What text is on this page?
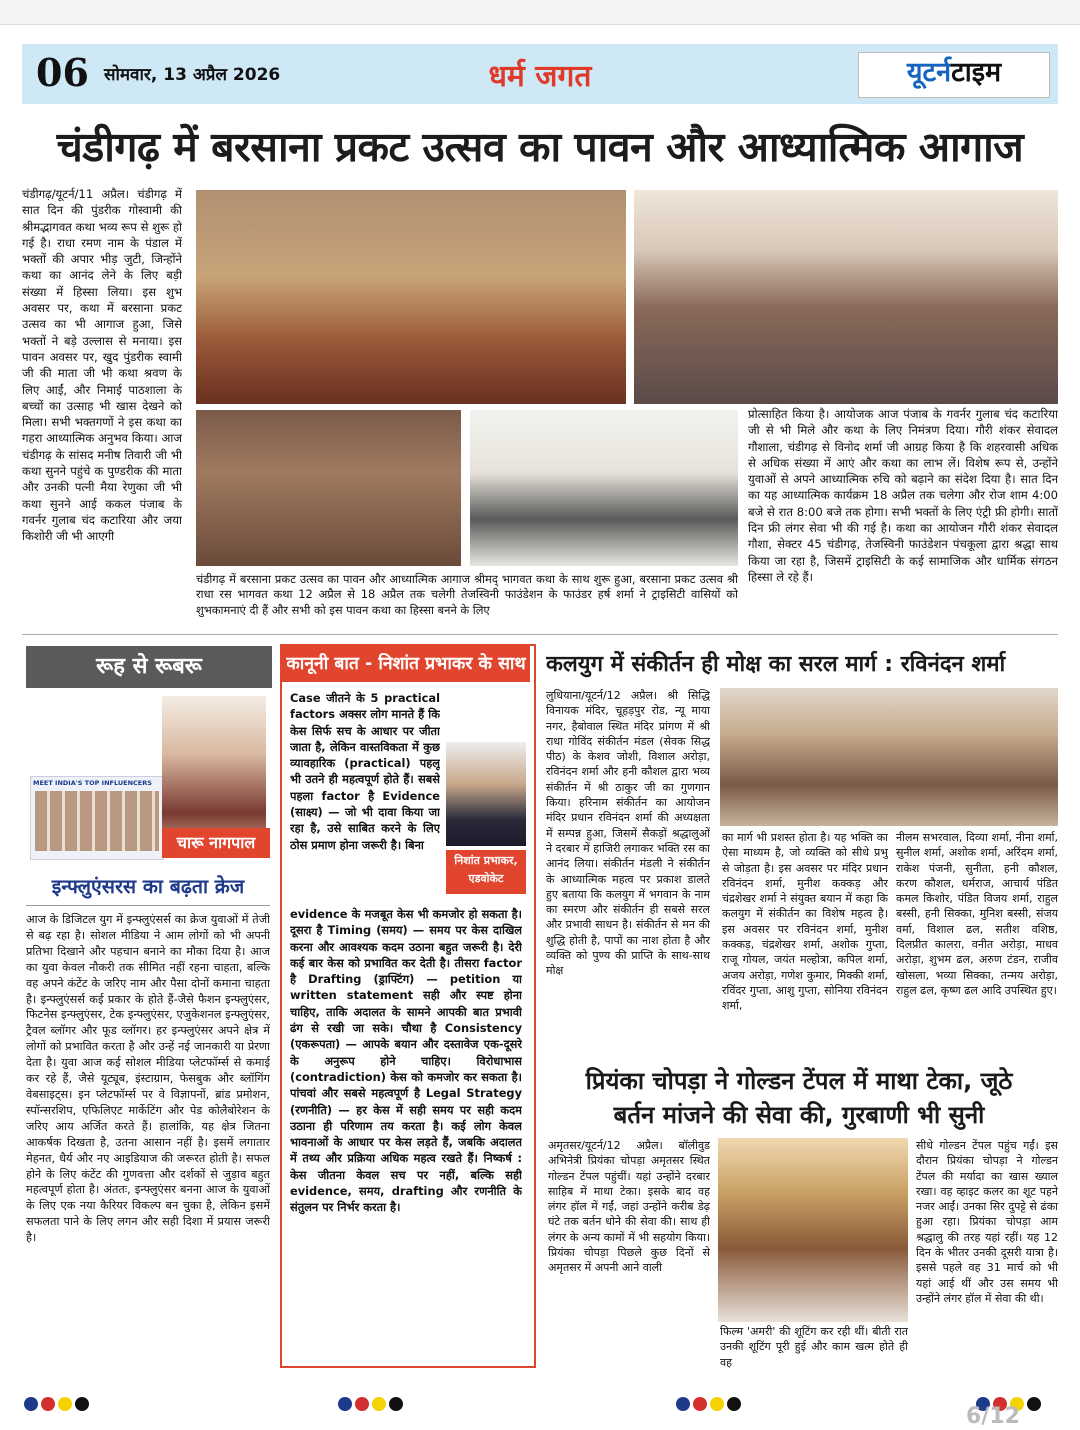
06 सोमवार, 13 अप्रैल 2026	धर्म जगत	यूटर्नटाइम
चंडीगढ़ में बरसाना प्रकट उत्सव का पावन और आध्यात्मिक आगाज
चंडीगढ़/यूटर्न/11 अप्रैल। चंडीगढ़ में सात दिन की पुंडरीक गोस्वामी की श्रीमद्भागवत कथा भव्य रूप से शुरू हो गई है। राधा रमण नाम के पंडाल में भक्तों की अपार भीड़ जुटी, जिन्होंने कथा का आनंद लेने के लिए बड़ी संख्या में हिस्सा लिया। इस शुभ अवसर पर, कथा में बरसाना प्रकट उत्सव का भी आगाज हुआ, जिसे भक्तों ने बड़े उल्लास से मनाया। इस पावन अवसर पर, खुद पुंडरीक स्वामी जी की माता जी भी कथा श्रवण के लिए आईं, और निमाई पाठशाला के बच्चों का उत्साह भी खास देखने को मिला। सभी भक्तगणों ने इस कथा का गहरा आध्यात्मिक अनुभव किया। आज चंडीगढ़ के सांसद मनीष तिवारी जी भी कथा सुनने पहुंचे क पुण्डरीक की माता और उनकी पत्नी मैया रेणुका जी भी कथा सुनने आई ककल पंजाब के गवर्नर गुलाब चंद कटारिया और जया किशोरी जी भी आएगी
प्रोत्साहित किया है। आयोजक आज पंजाब के गवर्नर गुलाब चंद कटारिया जी से भी मिले और कथा के लिए निमंत्रण दिया। गौरी शंकर सेवादल गौशाला, चंडीगढ़ से विनोद शर्मा जी आग्रह किया है कि शहरवासी अधिक से अधिक संख्या में आएं और कथा का लाभ लें। विशेष रूप से, उन्होंने युवाओं से अपने आध्यात्मिक रुचि को बढ़ाने का संदेश दिया है। सात दिन का यह आध्यात्मिक कार्यक्रम 18 अप्रैल तक चलेगा और रोज शाम 4:00 बजे से रात 8:00 बजे तक होगा। सभी भक्तों के लिए एंट्री फ्री होगी। सातों दिन फ्री लंगर सेवा भी की गई है। कथा का आयोजन गौरी शंकर सेवादल गौशा, सेक्टर 45 चंडीगढ़, तेजस्विनी फाउंडेशन पंचकूला द्वारा श्रद्धा साथ किया जा रहा है, जिसमें ट्राइसिटी के कई सामाजिक और धार्मिक संगठन हिस्सा ले रहे हैं।
चंडीगढ़ में बरसाना प्रकट उत्सव का पावन और आध्यात्मिक आगाज श्रीमद् भागवत कथा के साथ शुरू हुआ, बरसाना प्रकट उत्सव श्री राधा रस भागवत कथा 12 अप्रैल से 18 अप्रैल तक चलेगी तेजस्विनी फाउंडेशन के फाउंडर हर्ष शर्मा ने ट्राइसिटी वासियों को शुभकामनाएं दी हैं और सभी को इस पावन कथा का हिस्सा बनने के लिए
रूह से रूबरू
MEET INDIA'S TOP INFLUENCERS
चारू नागपाल
इन्फ्लुएंसरस का बढ़ता क्रेज
आज के डिजिटल युग में इन्फ्लुएंसर्स का क्रेज युवाओं में तेजी से बढ़ रहा है। सोशल मीडिया ने आम लोगों को भी अपनी प्रतिभा दिखाने और पहचान बनाने का मौका दिया है। आज का युवा केवल नौकरी तक सीमित नहीं रहना चाहता, बल्कि वह अपने कंटेंट के जरिए नाम और पैसा दोनों कमाना चाहता है। इन्फ्लुएंसर्स कई प्रकार के होते हैं-जैसे फैशन इन्फ्लुएंसर, फिटनेस इन्फ्लुएंसर, टेक इन्फ्लुएंसर, एजुकेशनल इन्फ्लुएंसर, ट्रैवल ब्लॉगर और फूड व्लॉगर। हर इन्फ्लुएंसर अपने क्षेत्र में लोगों को प्रभावित करता है और उन्हें नई जानकारी या प्रेरणा देता है। युवा आज कई सोशल मीडिया प्लेटफॉर्म्स से कमाई कर रहे हैं, जैसे यूट्यूब, इंस्टाग्राम, फेसबुक और ब्लॉगिंग वेबसाइट्स। इन प्लेटफॉर्म्स पर वे विज्ञापनों, ब्रांड प्रमोशन, स्पॉन्सरशिप, एफिलिएट मार्केटिंग और पेड कोलैबोरेशन के जरिए आय अर्जित करते हैं। हालांकि, यह क्षेत्र जितना आकर्षक दिखता है, उतना आसान नहीं है। इसमें लगातार मेहनत, धैर्य और नए आइडियाज की जरूरत होती है। सफल होने के लिए कंटेंट की गुणवत्ता और दर्शकों से जुड़ाव बहुत महत्वपूर्ण होता है। अंततः, इन्फ्लुएंसर बनना आज के युवाओं के लिए एक नया कैरियर विकल्प बन चुका है, लेकिन इसमें सफलता पाने के लिए लगन और सही दिशा में प्रयास जरूरी है।
कानूनी बात - निशांत प्रभाकर के साथ
निशांत प्रभाकर, एडवोकेट
Case जीतने के 5 practical factors अक्सर लोग मानते हैं कि केस सिर्फ सच के आधार पर जीता जाता है, लेकिन वास्तविकता में कुछ व्यावहारिक (practical) पहलू भी उतने ही महत्वपूर्ण होते हैं। सबसे पहला factor है Evidence (साक्ष्य) — जो भी दावा किया जा रहा है, उसे साबित करने के लिए ठोस प्रमाण होना जरूरी है। बिना
evidence के मजबूत केस भी कमजोर हो सकता है। दूसरा है Timing (समय) — समय पर केस दाखिल करना और आवश्यक कदम उठाना बहुत जरूरी है। देरी कई बार केस को प्रभावित कर देती है। तीसरा factor है Drafting (ड्राफ्टिंग) — petition या written statement सही और स्पष्ट होना चाहिए, ताकि अदालत के सामने आपकी बात प्रभावी ढंग से रखी जा सके। चौथा है Consistency (एकरूपता) — आपके बयान और दस्तावेज एक-दूसरे के अनुरूप होने चाहिए। विरोधाभास (contradiction) केस को कमजोर कर सकता है। पांचवां और सबसे महत्वपूर्ण है Legal Strategy (रणनीति) — हर केस में सही समय पर सही कदम उठाना ही परिणाम तय करता है। कई लोग केवल भावनाओं के आधार पर केस लड़ते हैं, जबकि अदालत में तथ्य और प्रक्रिया अधिक महत्व रखते हैं। निष्कर्ष : केस जीतना केवल सच पर नहीं, बल्कि सही evidence, समय, drafting और रणनीति के संतुलन पर निर्भर करता है।
कलयुग में संकीर्तन ही मोक्ष का सरल मार्ग : रविनंदन शर्मा
लुधियाना/यूटर्न/12 अप्रैल। श्री सिद्धि विनायक मंदिर, चूहड़पुर रोड, न्यू माया नगर, हैबोवाल स्थित मंदिर प्रांगण में श्री राधा गोविंद संकीर्तन मंडल (सेवक सिद्ध पीठ) के केशव जोशी, विशाल अरोड़ा, रविनंदन शर्मा और हनी कौशल द्वारा भव्य संकीर्तन में श्री ठाकुर जी का गुणगान किया। हरिनाम संकीर्तन का आयोजन मंदिर प्रधान रविनंदन शर्मा की अध्यक्षता में सम्पन्न हुआ, जिसमें सैकड़ों श्रद्धालुओं ने दरबार में हाजिरी लगाकर भक्ति रस का आनंद लिया। संकीर्तन मंडली ने संकीर्तन के आध्यात्मिक महत्व पर प्रकाश डालते हुए बताया कि कलयुग में भगवान के नाम का स्मरण और संकीर्तन ही सबसे सरल और प्रभावी साधन है। संकीर्तन से मन की शुद्धि होती है, पापों का नाश होता है और व्यक्ति को पुण्य की प्राप्ति के साथ-साथ मोक्ष
का मार्ग भी प्रशस्त होता है। यह भक्ति का ऐसा माध्यम है, जो व्यक्ति को सीधे प्रभु से जोड़ता है। इस अवसर पर मंदिर प्रधान रविनंदन शर्मा, मुनीश कक्कड़ और चंद्रशेखर शर्मा ने संयुक्त बयान में कहा कि कलयुग में संकीर्तन का विशेष महत्व है। इस अवसर पर रविनंदन शर्मा, मुनीश कक्कड़, चंद्रशेखर शर्मा, अशोक गुप्ता, राजू गोयल, जयंत मल्होत्रा, कपिल शर्मा, अजय अरोड़ा, गणेश कुमार, मिक्की शर्मा, रविंदर गुप्ता, आशु गुप्ता, सोनिया रविनंदन शर्मा,
नीलम सभरवाल, दिव्या शर्मा, नीना शर्मा, सुनील शर्मा, अशोक शर्मा, अरिंदम शर्मा, राकेश पंजनी, सुनीता, हनी कौशल, करण कौशल, धर्मराज, आचार्य पंडित कमल किशोर, पंडित विजय शर्मा, राहुल बस्सी, हनी सिक्का, मुनिश बस्सी, संजय वर्मा, विशाल ढल, सतीश वशिष्ठ, दिलप्रीत कालरा, वनीत अरोड़ा, माधव अरोड़ा, शुभम ढल, अरुण टंडन, राजीव खोसला, भव्या सिक्का, तन्मय अरोड़ा, राहुल ढल, कृष्ण ढल आदि उपस्थित हुए।
प्रियंका चोपड़ा ने गोल्डन टेंपल में माथा टेका, जूठे
बर्तन मांजने की सेवा की, गुरबाणी भी सुनी
अमृतसर/यूटर्न/12 अप्रैल। बॉलीवुड अभिनेत्री प्रियंका चोपड़ा अमृतसर स्थित गोल्डन टेंपल पहुंचीं। यहां उन्होंने दरबार साहिब में माथा टेका। इसके बाद वह लंगर हॉल में गईं, जहां उन्होंने करीब डेढ़ घंटे तक बर्तन धोने की सेवा की। साथ ही लंगर के अन्य कामों में भी सहयोग किया। प्रियंका चोपड़ा पिछले कुछ दिनों से अमृतसर में अपनी आने वाली
फिल्म 'अमरी' की शूटिंग कर रही थीं। बीती रात उनकी शूटिंग पूरी हुई और काम खत्म होते ही वह
सीधे गोल्डन टेंपल पहुंच गईं। इस दौरान प्रियंका चोपड़ा ने गोल्डन टेंपल की मर्यादा का खास ख्याल रखा। वह व्हाइट कलर का शूट पहने नजर आईं। उनका सिर दुपट्टे से ढंका हुआ रहा। प्रियंका चोपड़ा आम श्रद्धालु की तरह यहां रहीं। यह 12 दिन के भीतर उनकी दूसरी यात्रा है। इससे पहले वह 31 मार्च को भी यहां आई थीं और उस समय भी उन्होंने लंगर हॉल में सेवा की थी।
6/12
